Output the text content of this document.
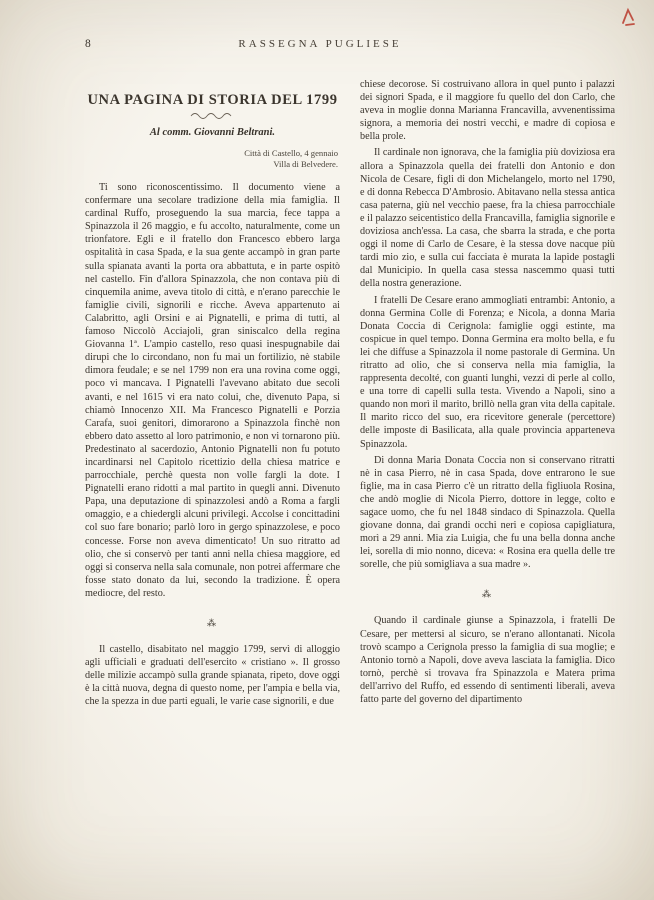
8	RASSEGNA PUGLIESE
UNA PAGINA DI STORIA DEL 1799
Al comm. Giovanni Beltrani.
Città di Castello, 4 gennaio
Villa di Belvedere.

Ti sono riconoscentissimo. Il documento viene a confermare una secolare tradizione della mia famiglia. Il cardinal Ruffo, proseguendo la sua marcia, fece tappa a Spinazzola il 26 maggio, e fu accolto, naturalmente, come un trionfatore. Egli e il fratello don Francesco ebbero larga ospitalità in casa Spada, e la sua gente accampò in gran parte sulla spianata avanti la porta ora abbattuta, e in parte ospitò nel castello. Fin d'allora Spinazzola, che non contava più di cinquemila anime, aveva titolo di città, e n'erano parecchie le famiglie civili, signorili e ricche. Aveva appartenuto ai Calabritto, agli Orsini e ai Pignatelli, e prima di tutti, al famoso Niccolò Acciajoli, gran siniscalco della regina Giovanna 1ª. L'ampio castello, reso quasi inespugnabile dai dirupi che lo circondano, non fu mai un fortilizio, nè stabile dimora feudale; e se nel 1799 non era una rovina come oggi, poco vi mancava. I Pignatelli l'avevano abitato due secoli avanti, e nel 1615 vi era nato colui, che, divenuto Papa, si chiamò Innocenzo XII. Ma Francesco Pignatelli e Porzia Carafa, suoi genitori, dimorarono a Spinazzola finchè non ebbero dato assetto al loro patrimonio, e non vi tornarono più. Predestinato al sacerdozio, Antonio Pignatelli non fu potuto incardinarsi nel Capitolo ricettizio della chiesa matrice e parrocchiale, perchè questa non volle fargli la dote. I Pignatelli erano ridotti a mal partito in quegli anni. Divenuto Papa, una deputazione di spinazzolesi andò a Roma a fargli omaggio, e a chiedergli alcuni privilegi. Accolse i concittadini col suo fare bonario; parlò loro in gergo spinazzolese, e poco concesse. Forse non aveva dimenticato! Un suo ritratto ad olio, che si conservò per tanti anni nella chiesa maggiore, ed oggi si conserva nella sala comunale, non potrei affermare che fosse stato donato da lui, secondo la tradizione. È opera mediocre, del resto.

⁂

Il castello, disabitato nel maggio 1799, servì di alloggio agli ufficiali e graduati dell'esercito « cristiano ». Il grosso delle milizie accampò sulla grande spianata, ripeto, dove oggi è la città nuova, degna di questo nome, per l'ampia e bella via, che la spezza in due parti eguali, le varie case signorili, e due

chiese decorose. Si costruivano allora in quel punto i palazzi dei signori Spada, e il maggiore fu quello del don Carlo, che aveva in moglie donna Marianna Francavilla, avvenentissima signora, a memoria dei nostri vecchi, e madre di copiosa e bella prole.

Il cardinale non ignorava, che la famiglia più doviziosa era allora a Spinazzola quella dei fratelli don Antonio e don Nicola de Cesare, figli di don Michelangelo, morto nel 1790, e di donna Rebecca D'Ambrosio. Abitavano nella stessa antica casa paterna, giù nel vecchio paese, fra la chiesa parrocchiale e il palazzo seicentistico della Francavilla, famiglia signorile e doviziosa anch'essa. La casa, che sbarra la strada, e che porta oggi il nome di Carlo de Cesare, è la stessa dove nacque più tardi mio zio, e sulla cui facciata è murata la lapide postagli dal Municipio. In quella casa stessa nascemmo quasi tutti della nostra generazione.

I fratelli De Cesare erano ammogliati entrambi: Antonio, a donna Germina Colle di Forenza; e Nicola, a donna Maria Donata Coccia di Cerignola: famiglie oggi estinte, ma cospicue in quel tempo. Donna Germina era molto bella, e fu lei che diffuse a Spinazzola il nome pastorale di Germina. Un ritratto ad olio, che si conserva nella mia famiglia, la rappresenta decolté, con guanti lunghi, vezzi di perle al collo, e una torre di capelli sulla testa. Vivendo a Napoli, sino a quando non morì il marito, brillò nella gran vita della capitale. Il marito ricco del suo, era ricevitore generale (percettore) delle imposte di Basilicata, alla quale provincia apparteneva Spinazzola.

Di donna Maria Donata Coccia non si conservano ritratti nè in casa Pierro, nè in casa Spada, dove entrarono le sue figlie, ma in casa Pierro c'è un ritratto della figliuola Rosina, che andò moglie di Nicola Pierro, dottore in legge, colto e sagace uomo, che fu nel 1848 sindaco di Spinazzola. Quella giovane donna, dai grandi occhi neri e copiosa capigliatura, morì a 29 anni. Mia zia Luigia, che fu una bella donna anche lei, sorella di mio nonno, diceva: « Rosina era quella delle tre sorelle, che più somigliava a sua madre ».

⁂

Quando il cardinale giunse a Spinazzola, i fratelli De Cesare, per mettersi al sicuro, se n'erano allontanati. Nicola trovò scampo a Cerignola presso la famiglia di sua moglie; e Antonio tornò a Napoli, dove aveva lasciata la famiglia. Dico tornò, perchè si trovava fra Spinazzola e Matera prima dell'arrivo del Ruffo, ed essendo di sentimenti liberali, aveva fatto parte del governo del dipartimento
